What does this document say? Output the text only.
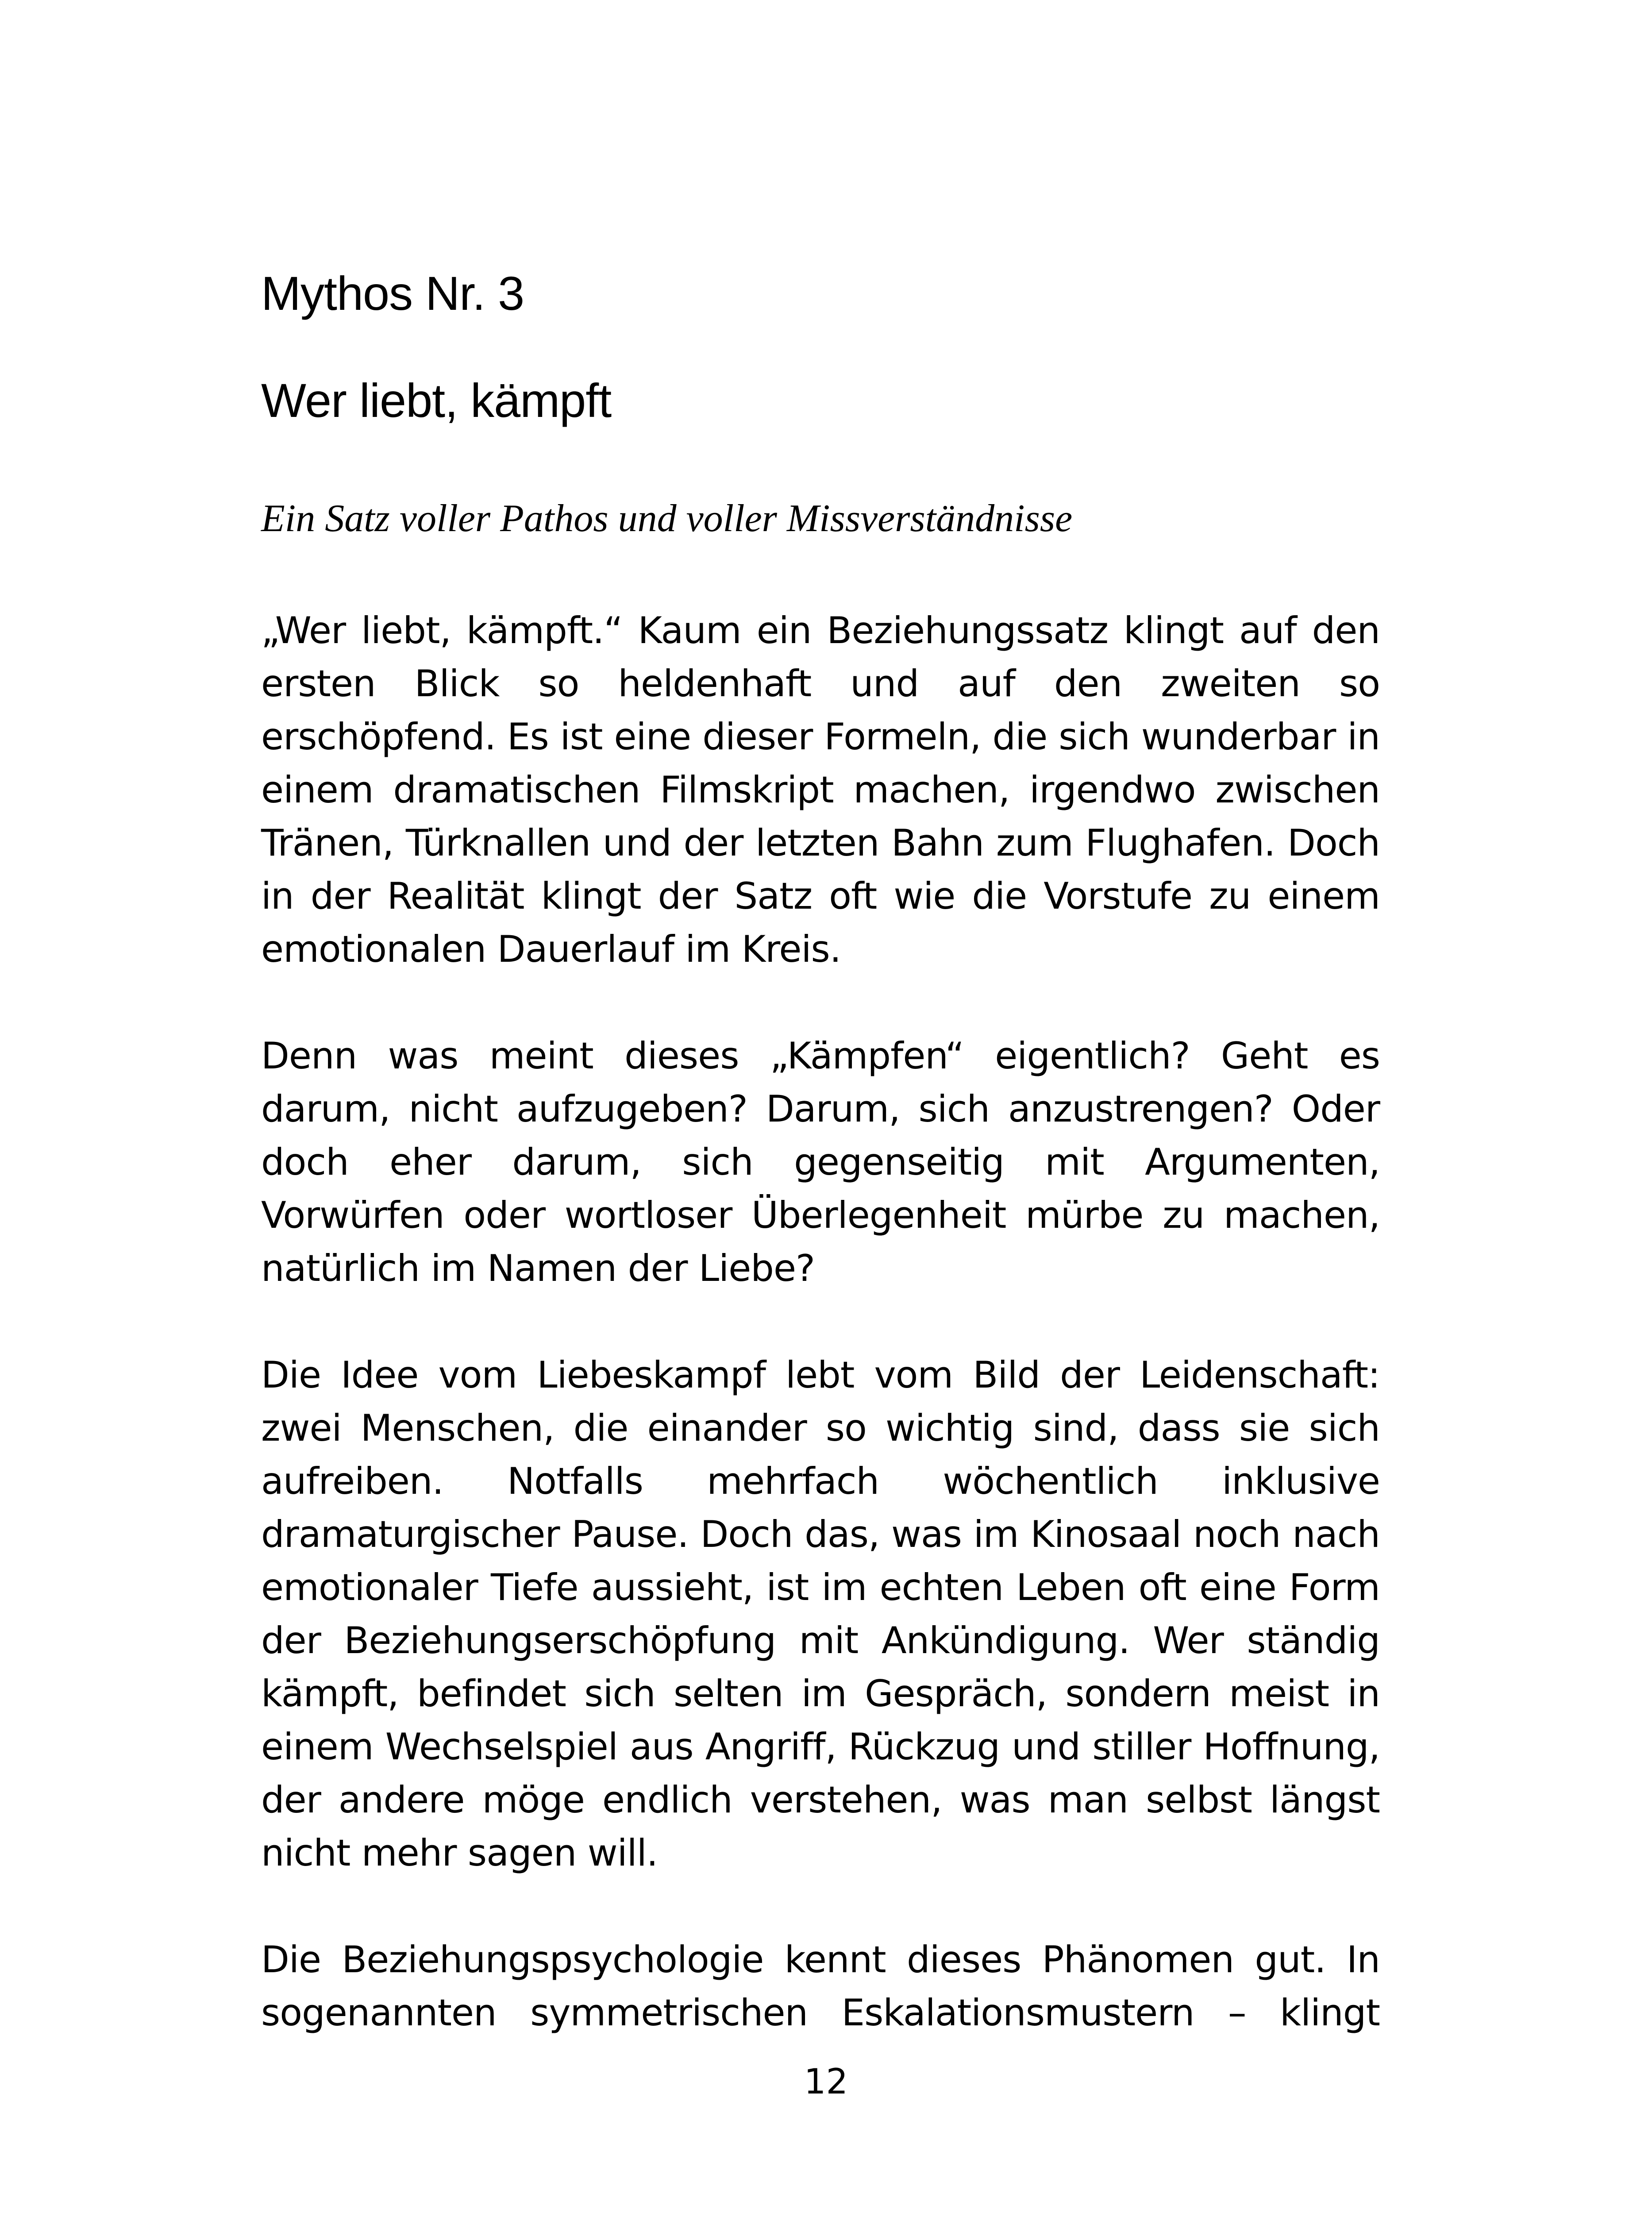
Mythos Nr. 3
Wer liebt, kämpft

Ein Satz voller Pathos und voller Missverständnisse

„Wer liebt, kämpft.“ Kaum ein Beziehungssatz klingt auf den ersten Blick so heldenhaft und auf den zweiten so erschöpfend. Es ist eine dieser Formeln, die sich wunderbar in einem dramatischen Filmskript machen, irgendwo zwischen Tränen, Türknallen und der letzten Bahn zum Flughafen. Doch in der Realität klingt der Satz oft wie die Vorstufe zu einem emotionalen Dauerlauf im Kreis.

Denn was meint dieses „Kämpfen“ eigentlich? Geht es darum, nicht aufzugeben? Darum, sich anzustrengen? Oder doch eher darum, sich gegenseitig mit Argumenten, Vorwürfen oder wortloser Überlegenheit mürbe zu machen, natürlich im Namen der Liebe?

Die Idee vom Liebeskampf lebt vom Bild der Leidenschaft: zwei Menschen, die einander so wichtig sind, dass sie sich aufreiben. Notfalls mehrfach wöchentlich inklusive dramaturgischer Pause. Doch das, was im Kinosaal noch nach emotionaler Tiefe aussieht, ist im echten Leben oft eine Form der Beziehungserschöpfung mit Ankündigung. Wer ständig kämpft, befindet sich selten im Gespräch, sondern meist in einem Wechselspiel aus Angriff, Rückzug und stiller Hoffnung, der andere möge endlich verstehen, was man selbst längst nicht mehr sagen will.

Die Beziehungspsychologie kennt dieses Phänomen gut. In sogenannten symmetrischen Eskalationsmustern – klingt

12
